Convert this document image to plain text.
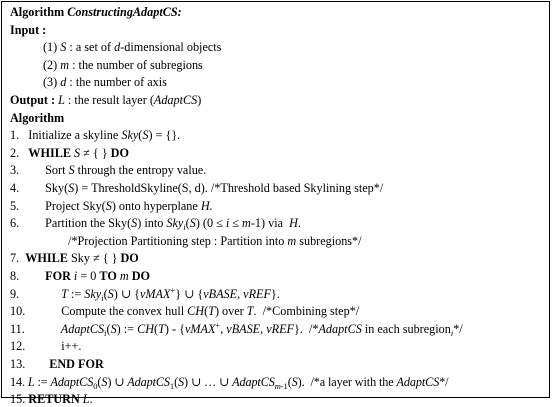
Algorithm ConstructingAdaptCS:
Input :
(1) S : a set of d-dimensional objects
(2) m : the number of subregions
(3) d : the number of axis
Output : L : the result layer (AdaptCS)
Algorithm
1.   Initialize a skyline Sky(S) = {}.
2.   WHILE S ≠ { } DO
3. Sort S through the entropy value.
4. Sky(S) = ThresholdSkyline(S, d). /*Threshold based Skylining step*/
5. Project Sky(S) onto hyperplane H.
6. Partition the Sky(S) into Sky$_i$(S) (0 ≤ i ≤ m-1) via  H.
/*Projection Partitioning step : Partition into m subregions*/
7.  WHILE Sky ≠ { } DO
8. FOR i = 0 TO m DO
9.	T := Sky$_i$(S) ∪ {vMAX+} ∪ {vBASE, vREF}.
10.	Compute the convex hull CH(T) over T.  /*Combining step*/
11.	AdaptCS$_i$(S) := CH(T) - {vMAX+, vBASE, vREF}.  /*AdaptCS in each subregion$_i$*/
12.	i++.
13. END FOR
14. L := AdaptCS$_0$(S) ∪ AdaptCS$_1$(S) ∪ … ∪ AdaptCS$_{m-1}$(S).  /*a layer with the AdaptCS*/
15. RETURN L.
